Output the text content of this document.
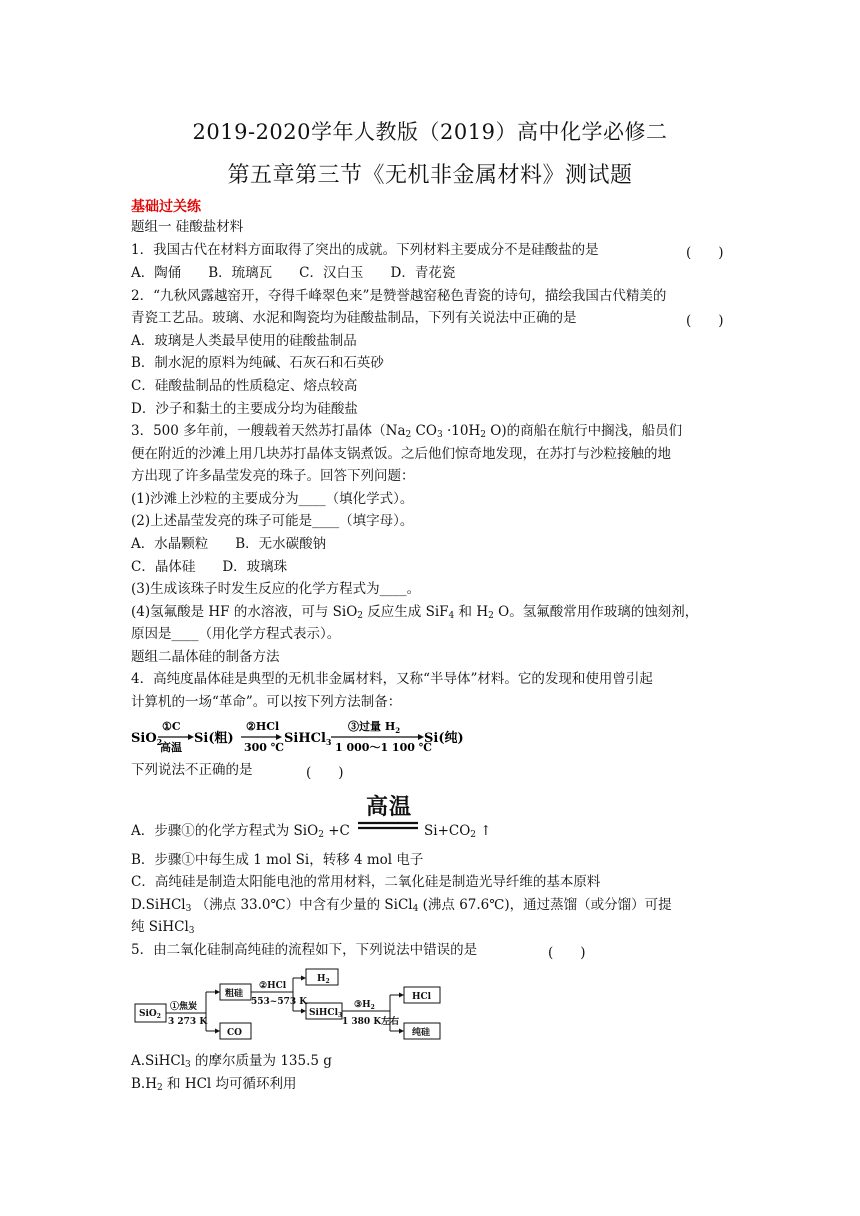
2019-2020学年人教版（2019）高中化学必修二
第五章第三节《无机非金属材料》测试题
基础过关练
题组一 硅酸盐材料
1．我国古代在材料方面取得了突出的成就。下列材料主要成分不是硅酸盐的是	(　　)
A．陶俑　　B．琉璃瓦　　C．汉白玉　　D．青花瓷
2．“九秋风露越窑开，夺得千峰翠色来”是赞誉越窑秘色青瓷的诗句，描绘我国古代精美的
青瓷工艺品。玻璃、水泥和陶瓷均为硅酸盐制品，下列有关说法中正确的是	(　　)
A．玻璃是人类最早使用的硅酸盐制品
B．制水泥的原料为纯碱、石灰石和石英砂
C．硅酸盐制品的性质稳定、熔点较高
D．沙子和黏土的主要成分均为硅酸盐
3．500 多年前，一艘载着天然苏打晶体（$Na_2$ $CO_3 \cdot 10H_2$ O)的商船在航行中搁浅，船员们
便在附近的沙滩上用几块苏打晶体支锅煮饭。之后他们惊奇地发现，在苏打与沙粒接触的地
方出现了许多晶莹发亮的珠子。回答下列问题：
(1)沙滩上沙粒的主要成分为____（填化学式）。
(2)上述晶莹发亮的珠子可能是____（填字母）。
A．水晶颗粒　　B．无水碳酸钠
C．晶体硅　　D．玻璃珠
(3)生成该珠子时发生反应的化学方程式为____。
(4)氢氟酸是 HF 的水溶液，可与 SiO$_2$ 反应生成 SiF$_4$ 和 $H_2$ O。氢氟酸常用作玻璃的蚀刻剂，
原因是____（用化学方程式表示）。
题组二晶体硅的制备方法
4．高纯度晶体硅是典型的无机非金属材料，又称“半导体”材料。它的发现和使用曾引起
计算机的一场“革命”。可以按下列方法制备：
SiO$_2$
①C
高温
Si(粗)
②HCl
300 ℃
SiHCl$_3$
③过量 $H_2$
1 000～1 100 ℃
Si(纯)
下列说法不正确的是	(　　)
高温
A．步骤①的化学方程式为 SiO$_2$ +C	$Si+CO_2$ ↑
B．步骤①中每生成 1 mol Si，转移 4 mol 电子
C．高纯硅是制造太阳能电池的常用材料，二氧化硅是制造光导纤维的基本原料
D.SiHCl$_3$ （沸点 33.0℃）中含有少量的 SiCl$_4$ (沸点 67.6℃)，通过蒸馏（或分馏）可提
纯 SiHCl$_3$
5．由二氧化硅制高纯硅的流程如下，下列说法中错误的是	(　　)
SiO$_2$
①焦炭
3 273 K
粗硅
CO
②HCl
553~573 K
$H_2$
SiHCl$_3$
$③H_2$
1 380 K左右
HCl
纯硅
A.SiHCl$_3$ 的摩尔质量为 135.5 g
$B.H_2$ 和 HCl 均可循环利用
